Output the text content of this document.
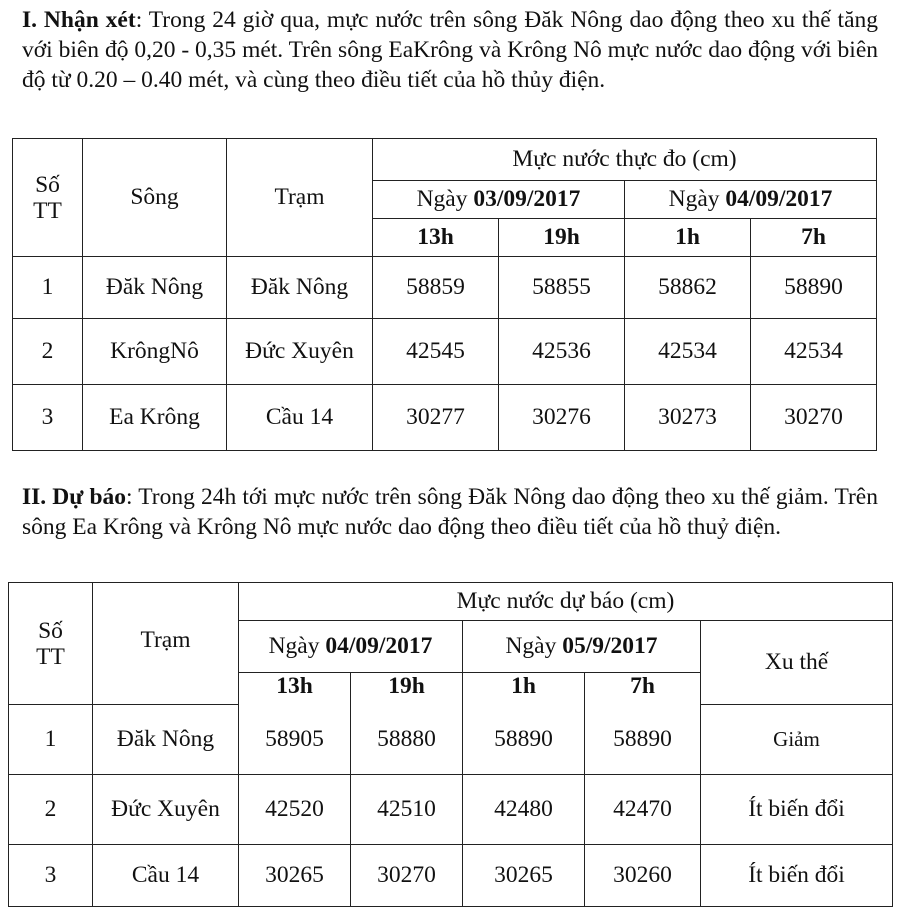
I. Nhận xét: Trong 24 giờ qua, mực nước trên sông Đăk Nông dao động theo xu thế tăng với biên độ 0,20 - 0,35 mét. Trên sông EaKrông và Krông Nô mực nước dao động với biên độ từ 0.20 – 0.40 mét, và cùng theo điều tiết của hồ thủy điện.

Số
TT	Sông	Trạm	Mực nước thực đo (cm)			
			Ngày 03/09/2017		Ngày 04/09/2017	
			13h	19h	1h	7h
1	Đăk Nông	Đăk Nông	58859	58855	58862	58890
2	KrôngNô	Đức Xuyên	42545	42536	42534	42534
3	Ea Krông	Cầu 14	30277	30276	30273	30270

II. Dự báo: Trong 24h tới mực nước trên sông Đăk Nông dao động theo xu thế giảm. Trên sông Ea Krông và Krông Nô mực nước dao động theo điều tiết của hồ thuỷ điện.

Số
TT	Trạm	Mực nước dự báo (cm)				
		Ngày 04/09/2017		Ngày 05/9/2017		Xu thế
		13h	19h	1h	7h	
1	Đăk Nông	58905	58880	58890	58890	Giảm
2	Đức Xuyên	42520	42510	42480	42470	Ít biến đổi
3	Cầu 14	30265	30270	30265	30260	Ít biến đổi
